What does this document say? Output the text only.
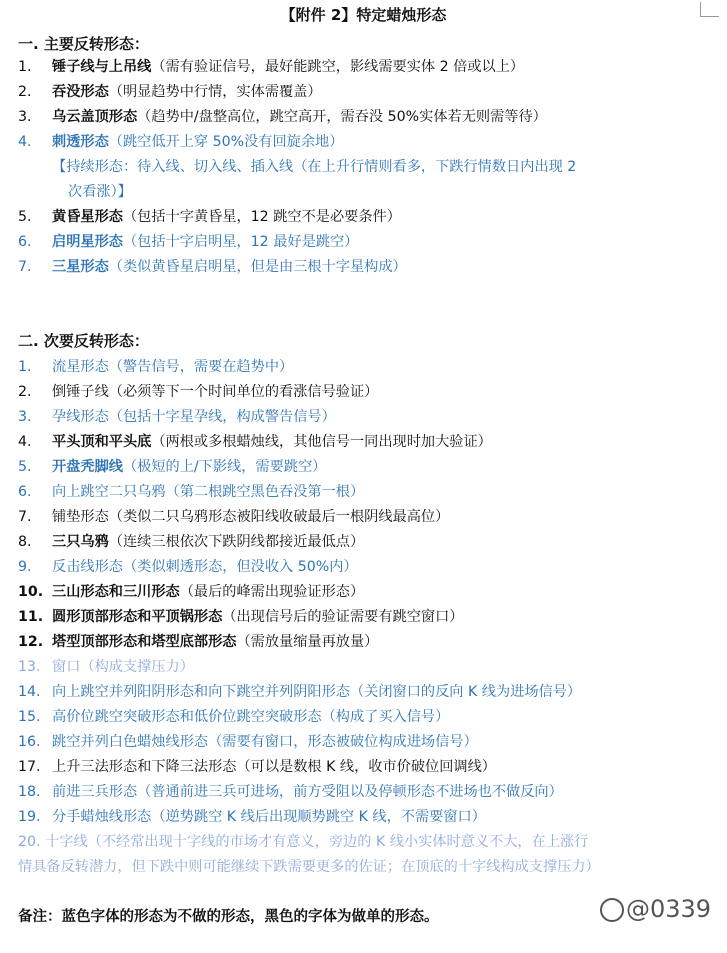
【附件 2】特定蜡烛形态
一. 主要反转形态：
1. 锤子线与上吊线（需有验证信号，最好能跳空，影线需要实体 2 倍或以上）
2. 吞没形态（明显趋势中行情，实体需覆盖）
3. 乌云盖顶形态（趋势中/盘整高位，跳空高开，需吞没 50%实体若无则需等待）
4. 刺透形态（跳空低开上穿 50%没有回旋余地）
【持续形态：待入线、切入线、插入线（在上升行情则看多，下跌行情数日内出现 2
次看涨）】
5. 黄昏星形态（包括十字黄昏星，12 跳空不是必要条件）
6. 启明星形态（包括十字启明星，12 最好是跳空）
7. 三星形态（类似黄昏星启明星，但是由三根十字星构成）
二. 次要反转形态：
1. 流星形态（警告信号，需要在趋势中）
2. 倒锤子线（必须等下一个时间单位的看涨信号验证）
3. 孕线形态（包括十字星孕线，构成警告信号）
4. 平头顶和平头底（两根或多根蜡烛线，其他信号一同出现时加大验证）
5. 开盘秃脚线（极短的上/下影线，需要跳空）
6. 向上跳空二只乌鸦（第二根跳空黑色吞没第一根）
7. 铺垫形态（类似二只乌鸦形态被阳线收破最后一根阴线最高位）
8. 三只乌鸦（连续三根依次下跌阴线都接近最低点）
9. 反击线形态（类似刺透形态，但没收入 50%内）
10. 三山形态和三川形态（最后的峰需出现验证形态）
11. 圆形顶部形态和平顶锅形态（出现信号后的验证需要有跳空窗口）
12. 塔型顶部形态和塔型底部形态（需放量缩量再放量）
13. 窗口（构成支撑压力）
14. 向上跳空并列阳阴形态和向下跳空并列阴阳形态（关闭窗口的反向 K 线为进场信号）
15. 高价位跳空突破形态和低价位跳空突破形态（构成了买入信号）
16. 跳空并列白色蜡烛线形态（需要有窗口，形态被破位构成进场信号）
17. 上升三法形态和下降三法形态（可以是数根 K 线，收市价破位回调线）
18. 前进三兵形态（普通前进三兵可进场，前方受阻以及停顿形态不进场也不做反向）
19. 分手蜡烛线形态（逆势跳空 K 线后出现顺势跳空 K 线，不需要窗口）
20. 十字线（不经常出现十字线的市场才有意义，旁边的 K 线小实体时意义不大，在上涨行
情具备反转潜力，但下跌中则可能继续下跌需要更多的佐证；在顶底的十字线构成支撑压力）
备注：蓝色字体的形态为不做的形态，黑色的字体为做单的形态。	@0339
